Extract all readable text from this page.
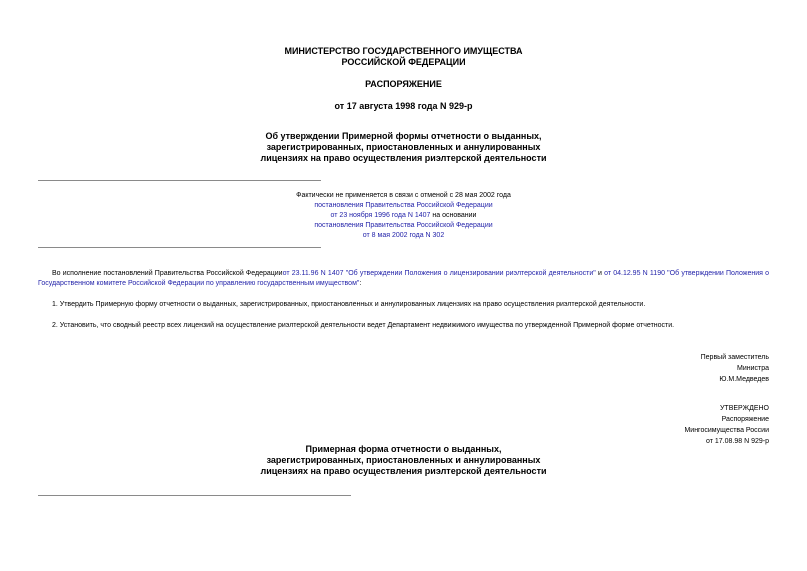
МИНИСТЕРСТВО ГОСУДАРСТВЕННОГО ИМУЩЕСТВА

РОССИЙСКОЙ ФЕДЕРАЦИИ

РАСПОРЯЖЕНИЕ
от 17 августа 1998 года N 929-р

Об утверждении Примерной формы отчетности о выданных,

зарегистрированных, приостановленных и аннулированных

лицензиях на право осуществления риэлтерской деятельности

Фактически не применяется в связи с отменой с 28 мая 2002 года

постановления Правительства Российской Федерации

от 23 ноября 1996 года N 1407 на основании

постановления Правительства Российской Федерации

от 8 мая 2002 года N 302

Во исполнение постановлений Правительства Российской Федерацииот 23.11.96 N 1407 "Об утверждении Положения о лицензировании риэлтерской деятельности" и от 04.12.95 N 1190 "Об утверждении Положения о Государственном комитете Российской Федерации по управлению государственным имуществом":
1. Утвердить Примерную форму отчетности о выданных, зарегистрированных, приостановленных и аннулированных лицензиях на право осуществления риэлтерской деятельности.
2. Установить, что сводный реестр всех лицензий на осуществление риэлтерской деятельности ведет Департамент недвижимого имущества по утвержденной Примерной форме отчетности.

Первый заместитель

Министра

Ю.М.Медведев

УТВЕРЖДЕНО

Распоряжение

Мингосимущества России

от 17.08.98 N 929-р

Примерная форма отчетности о выданных,

зарегистрированных, приостановленных и аннулированных

лицензиях на право осуществления риэлтерской деятельности
